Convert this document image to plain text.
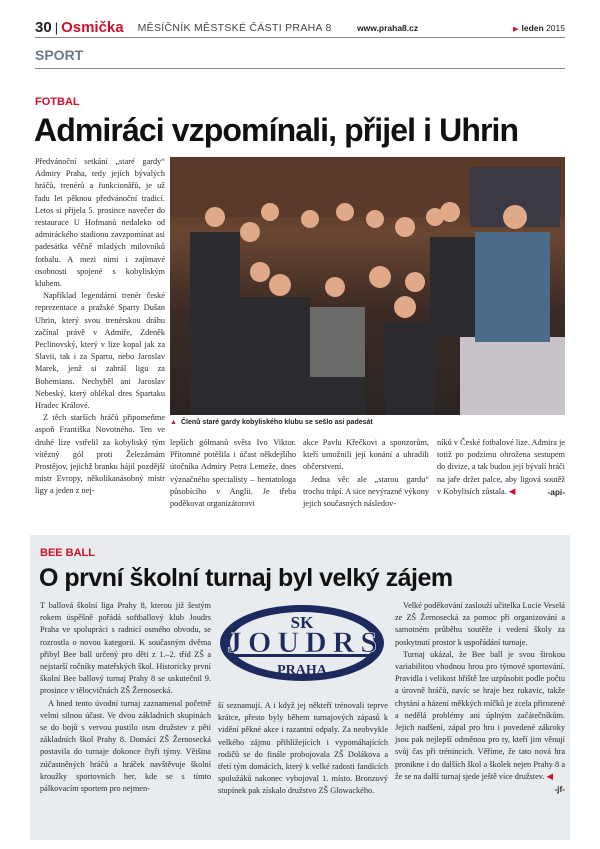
30 | Osmička MĚSÍČNÍK MĚSTSKÉ ČÁSTI PRAHA 8	www.praha8.cz	▶ leden 2015
SPORT
FOTBAL
Admiráci vzpomínali, přijel i Uhrin

Předvánoční setkání „staré gardy“ Admiry Praha, tedy jejích bývalých hráčů, trenérů a funkcionářů, je už řadu let pěknou předvánoční tradicí. Letos si přijela 5. prosince navečer do restaurace U Hofmanů nedaleko od admiráckého stadionu zavzpomínat asi padesátka věčně mladých milovníků fotbalu. A mezi nimi i zajímavé osobnosti spojené s kobyliským klubem.

Například legendární trenér české reprezentace a pražské Sparty Dušan Uhrin, který svou trenérskou dráhu začínal právě v Admiře, Zdeněk Peclinovský, který v lize kopal jak za Slavii, tak i za Spartu, nebo Jaroslav Marek, jenž si zahrál ligu za Bohemians. Nechyběl ani Jaroslav Nebeský, který oblékal dres Spartaku Hradec Králové.

Z těch starších hráčů připomeňme aspoň Františka Novotného. Ten ve druhé lize vstřelil za kobyliský tým vítězný gól proti Železárnám Prostějov, jejichž branku hájil pozdější mistr Evropy, několikanásobný mistr ligy a jeden z nej-

▲ Členů staré gardy kobyliského klubu se sešlo asi padesát

lepších gólmanů světa Ivo Viktor. Přítomné potěšila i účast někdejšího útočníka Admiry Petra Lemeže, dnes význačného specialisty – hematologa působícího v Anglii. Je třeba poděkovat organizátorovi

akce Pavlu Křečkovi a sponzorům, kteří umožnili její konání a uhradili občerstvení.

Jedna věc ale „starou gardu“ trochu trápí. A sice nevýrazné výkony jejich současných následov-

níků v České fotbalové lize. Admira je totiž po podzimu ohrožena sestupem do divize, a tak budou její bývalí hráči na jaře držet palce, aby ligová soutěž v Kobylisích zůstala. ◀	-api-

BEE BALL
O první školní turnaj byl velký zájem

T ballová školní liga Prahy 8, kterou již šestým rokem úspěšně pořádá softballový klub Joudrs Praha ve spolupráci s radnicí osmého obvodu, se rozrostla o novou kategorii. K současným dvěma přibyl Bee ball určený pro děti z 1.–2. tříd ZŠ a nejstarší ročníky mateřských škol. Historicky první školní Bee ballový turnaj Prahy 8 se uskutečnil 9. prosince v tělocvičnách ZŠ Žernosecká.

A hned tento úvodní turnaj zaznamenal početně velmi silnou účast. Ve dvou základních skupinách se do bojů s vervou pustilo osm družstev z pěti základních škol Prahy 8. Domácí ZŠ Žernosecká postavila do turnaje dokonce čtyři týmy. Většina zúčastněných hráčů a hráček navštěvuje školní kroužky sportovních her, kde se s tímto pálkovacím sportem pro nejmen-

SK
JOUDRS
PRAHA

ší seznamují. A i když jej někteří trénovali teprve krátce, přesto byly během turnajových zápasů k vidění pěkné akce i razantní odpaly. Za neobvykle velkého zájmu přihlížejících i vypomáhajících rodičů se do finále probojovala ZŠ Dolákova a třetí tým domácích, který k velké radosti fandících spolužáků nakonec vybojoval 1. místo. Bronzový stupínek pak získalo družstvo ZŠ Glowackého.

Velké poděkování zaslouží učitelka Lucie Veselá ze ZŠ Žernosecká za pomoc při organizování a samotném průběhu soutěže i vedení školy za poskytnutí prostor k uspořádání turnaje.

Turnaj ukázal, že Bee ball je svou širokou variabilitou vhodnou hrou pro týmové sportování. Pravidla i velikost hřiště lze uzpůsobit podle počtu a úrovně hráčů, navíc se hraje bez rukavic, takže chytání a házení měkkých míčků je zcela přirozené a nedělá problémy ani úplným začátečníkům. Jejich nadšení, zápal pro hru i povedené zákroky jsou pak nejlepší odměnou pro ty, kteří jim věnují svůj čas při trénincích. Věříme, že tato nová hra pronikne i do dalších škol a školek nejen Prahy 8 a že se na další turnaj sjede ještě více družstev. ◀
-jf-
